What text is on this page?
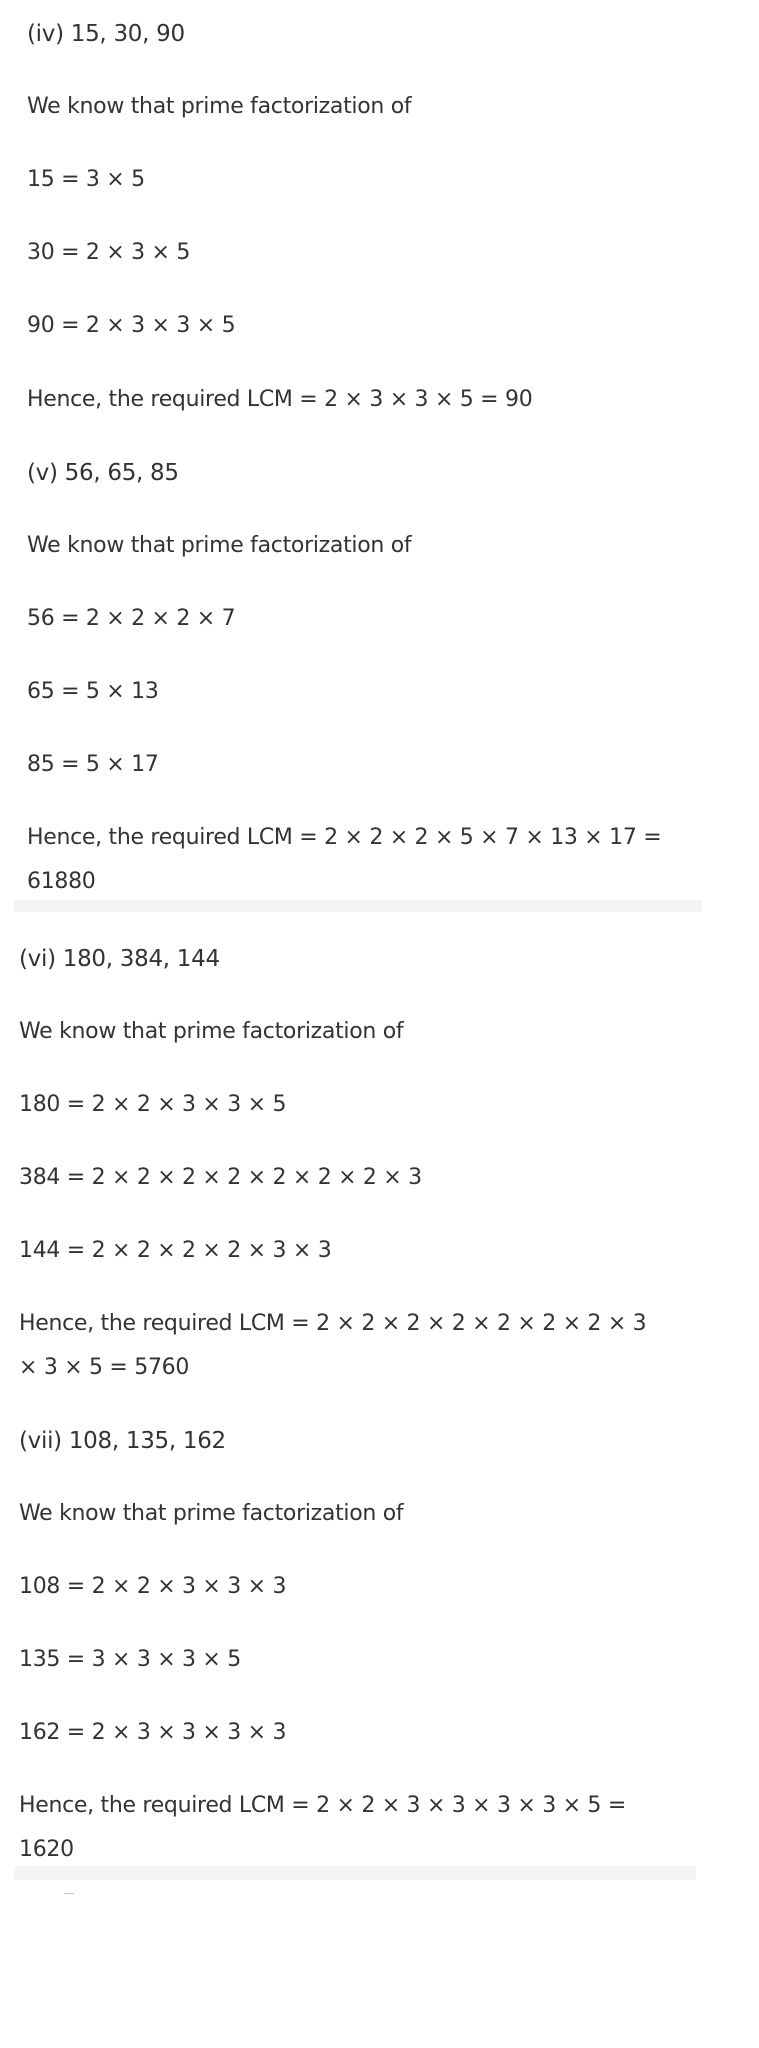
(iv) 15, 30, 90
We know that prime factorization of
15 = 3 × 5
30 = 2 × 3 × 5
90 = 2 × 3 × 3 × 5
Hence, the required LCM = 2 × 3 × 3 × 5 = 90
(v) 56, 65, 85
We know that prime factorization of
56 = 2 × 2 × 2 × 7
65 = 5 × 13
85 = 5 × 17
Hence, the required LCM = 2 × 2 × 2 × 5 × 7 × 13 × 17 =
61880
(vi) 180, 384, 144
We know that prime factorization of
180 = 2 × 2 × 3 × 3 × 5
384 = 2 × 2 × 2 × 2 × 2 × 2 × 2 × 3
144 = 2 × 2 × 2 × 2 × 3 × 3
Hence, the required LCM = 2 × 2 × 2 × 2 × 2 × 2 × 2 × 3
× 3 × 5 = 5760
(vii) 108, 135, 162
We know that prime factorization of
108 = 2 × 2 × 3 × 3 × 3
135 = 3 × 3 × 3 × 5
162 = 2 × 3 × 3 × 3 × 3
Hence, the required LCM = 2 × 2 × 3 × 3 × 3 × 3 × 5 =
1620
